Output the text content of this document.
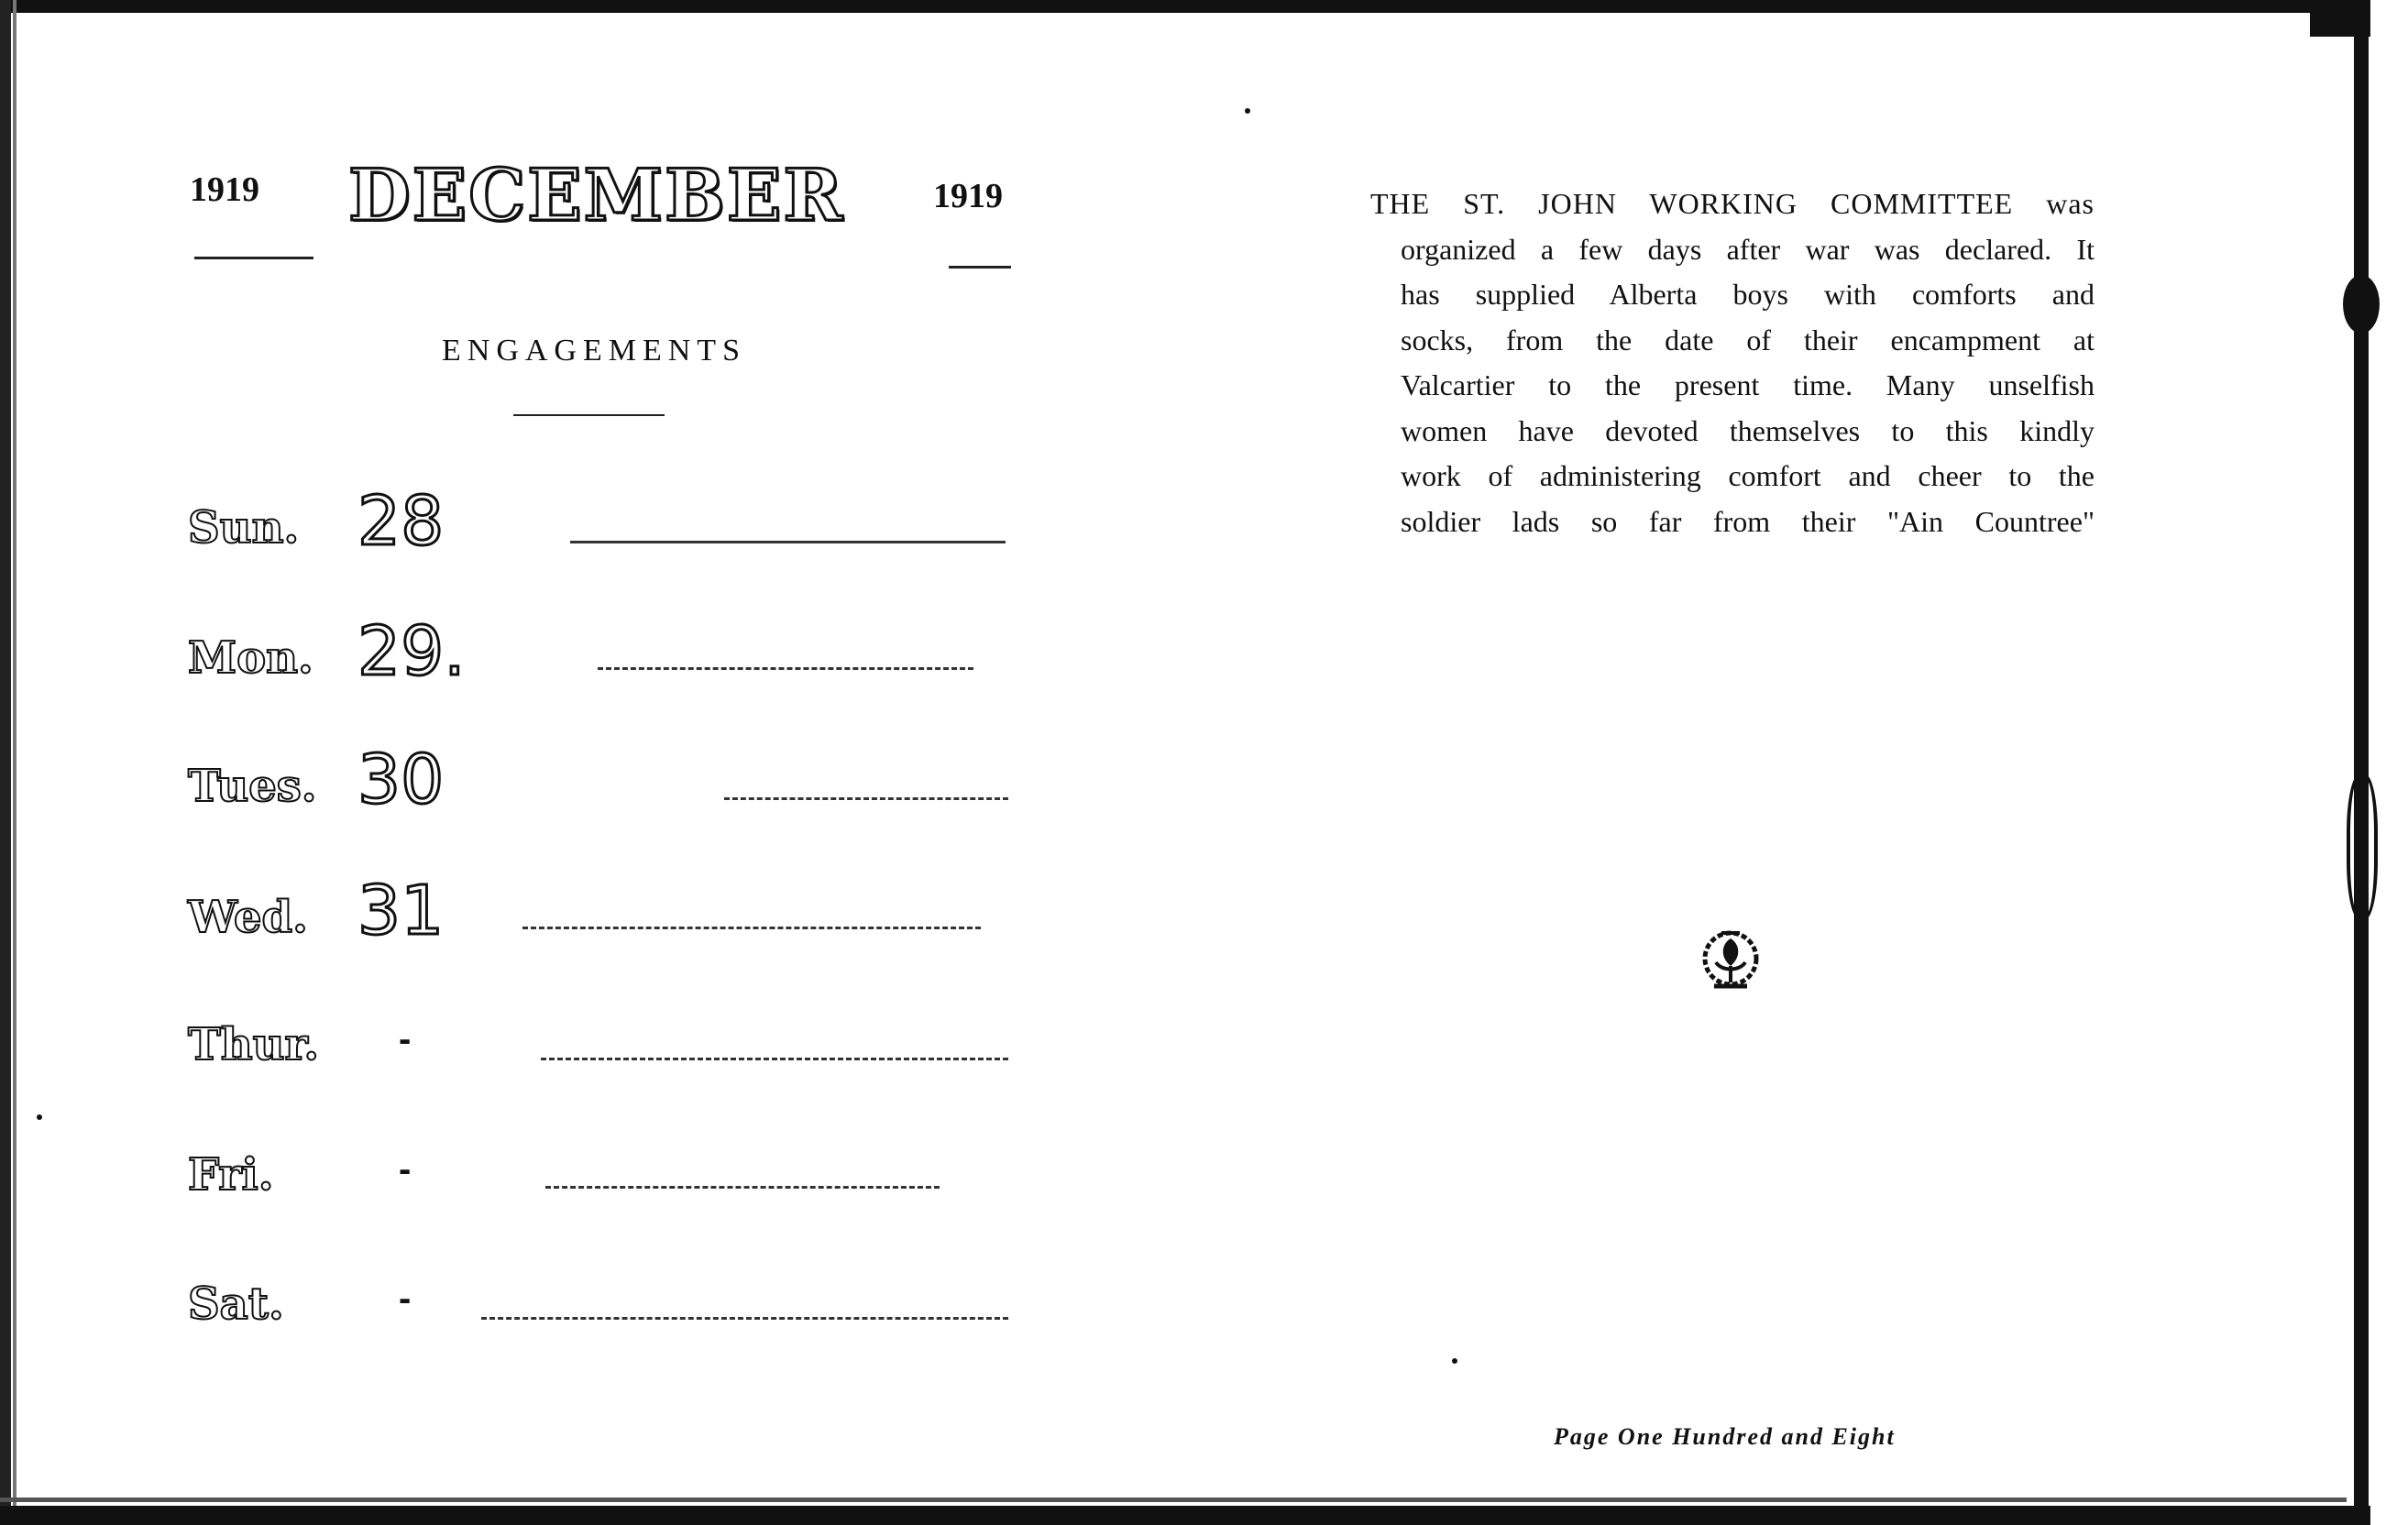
1919 DECEMBER	1919
ENGAGEMENTS
Sun. 28
Mon. 29.
Tues. 30
Wed. 31
Thur. -
Fri.	-
Sat.	-
THE ST. JOHN WORKING COMMITTEE was
organized a few days after war was declared. It
has supplied Alberta boys with comforts and
socks, from the date of their encampment at
Valcartier to the present time. Many unselfish
women have devoted themselves to this kindly
work of administering comfort and cheer to the
soldier lads so far from their "Ain Countree"
Page One Hundred and Eight
